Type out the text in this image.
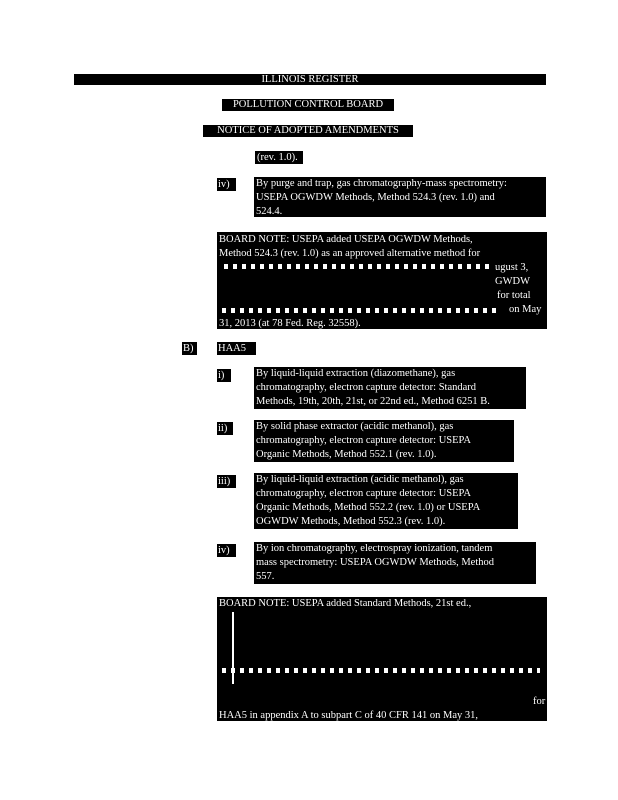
ILLINOIS REGISTER
POLLUTION CONTROL BOARD
NOTICE OF ADOPTED AMENDMENTS
(rev. 1.0).
iv)	By purge and trap, gas chromatography-mass spectrometry:
USEPA OGWDW Methods, Method 524.3 (rev. 1.0) and
524.4.
BOARD NOTE: USEPA added USEPA OGWDW Methods,
Method 524.3 (rev. 1.0) as an approved alternative method for
ugust 3,
GWDW
for total
on May
31, 2013 (at 78 Fed. Reg. 32558).
B)	HAA5
i)	By liquid-liquid extraction (diazomethane), gas
chromatography, electron capture detector: Standard
Methods, 19th, 20th, 21st, or 22nd ed., Method 6251 B.
ii)	By solid phase extractor (acidic methanol), gas
chromatography, electron capture detector: USEPA
Organic Methods, Method 552.1 (rev. 1.0).
iii)	By liquid-liquid extraction (acidic methanol), gas
chromatography, electron capture detector: USEPA
Organic Methods, Method 552.2 (rev. 1.0) or USEPA
OGWDW Methods, Method 552.3 (rev. 1.0).
iv)	By ion chromatography, electrospray ionization, tandem
mass spectrometry: USEPA OGWDW Methods, Method
557.
BOARD NOTE: USEPA added Standard Methods, 21st ed.,
for
HAA5 in appendix A to subpart C of 40 CFR 141 on May 31,
